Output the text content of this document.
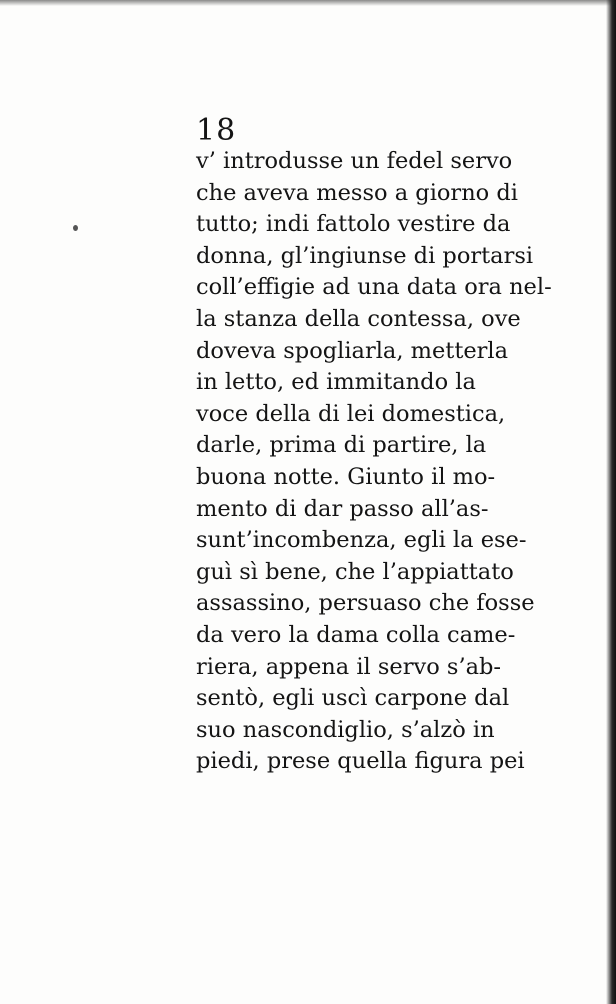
18
v’ introdusse un fedel servo
che aveva messo a giorno di
tutto; indi fattolo vestire da
donna, gl’ingiunse di portarsi
coll’effigie ad una data ora nel-
la stanza della contessa, ove
doveva spogliarla, metterla
in letto, ed immitando la
voce della di lei domestica,
darle, prima di partire, la
buona notte. Giunto il mo-
mento di dar passo all’as-
sunt’incombenza, egli la ese-
guì sì bene, che l’appiattato
assassino, persuaso che fosse
da vero la dama colla came-
riera, appena il servo s’ab-
sentò, egli uscì carpone dal
suo nascondiglio, s’alzò in
piedi, prese quella figura pei
